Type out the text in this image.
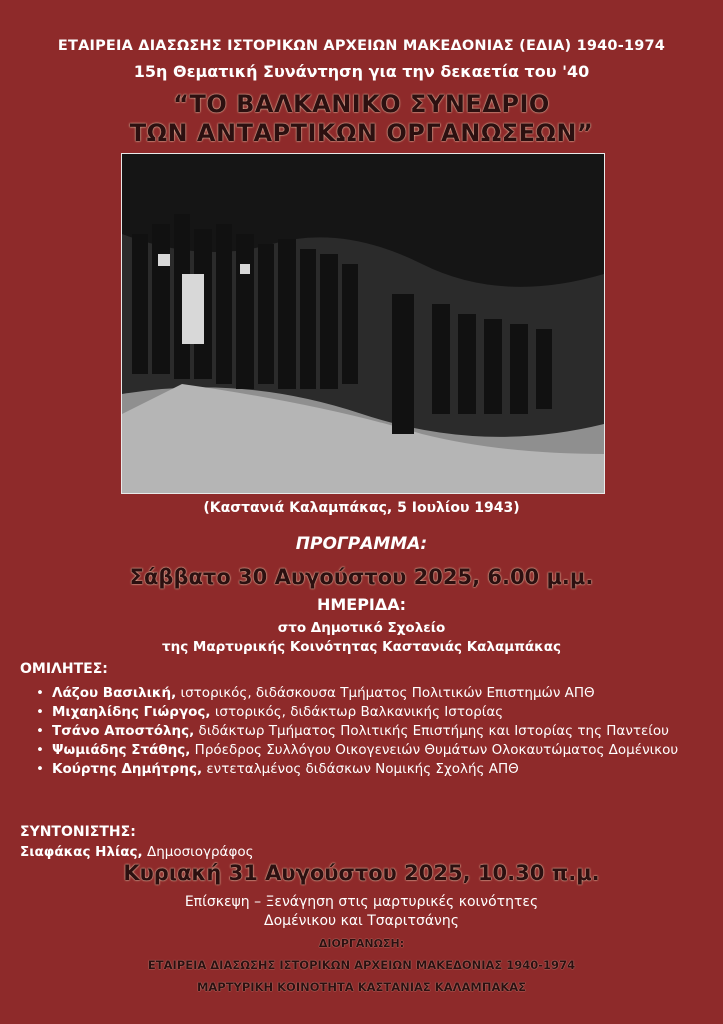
ΕΤΑΙΡΕΙΑ ΔΙΑΣΩΣΗΣ ΙΣΤΟΡΙΚΩΝ ΑΡΧΕΙΩΝ ΜΑΚΕΔΟΝΙΑΣ (ΕΔΙΑ) 1940-1974
15η Θεματική Συνάντηση για την δεκαετία του '40
“ΤΟ ΒΑΛΚΑΝΙΚΟ ΣΥΝΕΔΡΙΟ
ΤΩΝ ΑΝΤΑΡΤΙΚΩΝ ΟΡΓΑΝΩΣΕΩΝ”
(Καστανιά Καλαμπάκας, 5 Ιουλίου 1943)
ΠΡΟΓΡΑΜΜΑ:
Σάββατο 30 Αυγούστου 2025, 6.00 μ.μ.
ΗΜΕΡΙΔΑ:
στο Δημοτικό Σχολείο
της Μαρτυρικής Κοινότητας Καστανιάς Καλαμπάκας
ΟΜΙΛΗΤΕΣ:
• Λάζου Βασιλική, ιστορικός, διδάσκουσα Τμήματος Πολιτικών Επιστημών ΑΠΘ
• Μιχαηλίδης Γιώργος, ιστορικός, διδάκτωρ Βαλκανικής Ιστορίας
• Τσάνο Αποστόλης, διδάκτωρ Τμήματος Πολιτικής Επιστήμης και Ιστορίας της Παντείου
• Ψωμιάδης Στάθης, Πρόεδρος Συλλόγου Οικογενειών Θυμάτων Ολοκαυτώματος Δομένικου
• Κούρτης Δημήτρης, εντεταλμένος διδάσκων Νομικής Σχολής ΑΠΘ
ΣΥΝΤΟΝΙΣΤΗΣ:
Σιαφάκας Ηλίας, Δημοσιογράφος
Κυριακή 31 Αυγούστου 2025, 10.30 π.μ.
Επίσκεψη – Ξενάγηση στις μαρτυρικές κοινότητες
Δομένικου και Τσαριτσάνης
ΔΙΟΡΓΑΝΩΣΗ:
ΕΤΑΙΡΕΙΑ ΔΙΑΣΩΣΗΣ ΙΣΤΟΡΙΚΩΝ ΑΡΧΕΙΩΝ ΜΑΚΕΔΟΝΙΑΣ 1940-1974
ΜΑΡΤΥΡΙΚΗ ΚΟΙΝΟΤΗΤΑ ΚΑΣΤΑΝΙΑΣ ΚΑΛΑΜΠΑΚΑΣ
